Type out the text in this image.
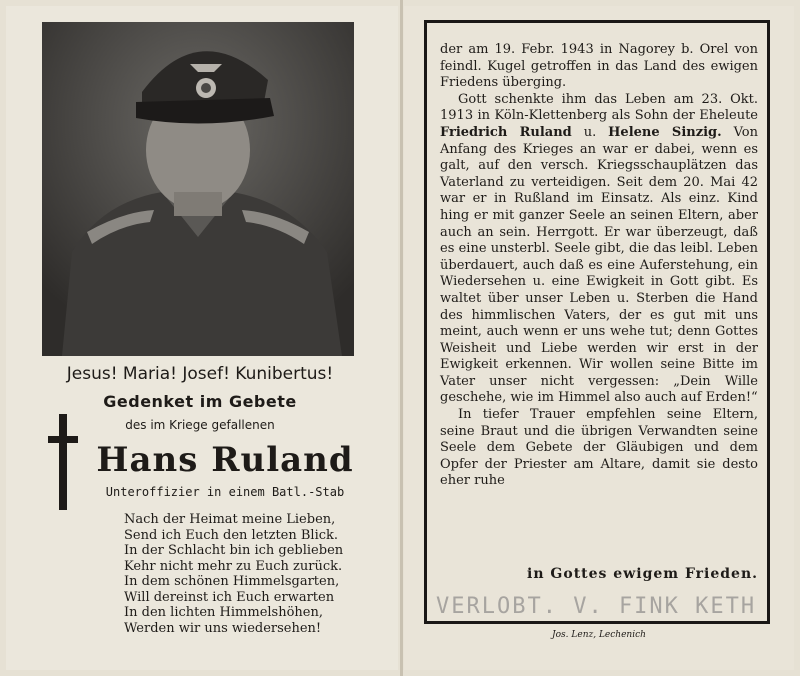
Jesus! Maria! Josef! Kunibertus!
Gedenket im Gebete
des im Kriege gefallenen
Hans Ruland
Unteroffizier in einem Batl.-Stab
Nach der Heimat meine Lieben,
Send ich Euch den letzten Blick.
In der Schlacht bin ich geblieben
Kehr nicht mehr zu Euch zurück.
In dem schönen Himmelsgarten,
Will dereinst ich Euch erwarten
In den lichten Himmelshöhen,
Werden wir uns wiedersehen!

der am 19. Febr. 1943 in Nagorey b. Orel von feindl. Kugel getroffen in das Land des ewigen Friedens überging.

Gott schenkte ihm das Leben am 23. Okt. 1913 in Köln-Klettenberg als Sohn der Eheleute Friedrich Ruland u. Helene Sinzig. Von Anfang des Krieges an war er dabei, wenn es galt, auf den versch. Kriegsschauplätzen das Vaterland zu verteidigen. Seit dem 20. Mai 42 war er in Rußland im Einsatz. Als einz. Kind hing er mit ganzer Seele an seinen Eltern, aber auch an sein. Herrgott. Er war überzeugt, daß es eine unsterbl. Seele gibt, die das leibl. Leben überdauert, auch daß es eine Auferstehung, ein Wiedersehen u. eine Ewigkeit in Gott gibt. Es waltet über unser Leben u. Sterben die Hand des himmlischen Vaters, der es gut mit uns meint, auch wenn er uns wehe tut; denn Gottes Weisheit und Liebe werden wir erst in der Ewigkeit erkennen. Wir wollen seine Bitte im Vater unser nicht vergessen: „Dein Wille geschehe, wie im Himmel also auch auf Erden!“

In tiefer Trauer empfehlen seine Eltern, seine Braut und die übrigen Verwandten seine Seele dem Gebete der Gläubigen und dem Opfer der Priester am Altare, damit sie desto eher ruhe

in Gottes ewigem Frieden.
VERLOBT. V. FINK KETH
Jos. Lenz, Lechenich
